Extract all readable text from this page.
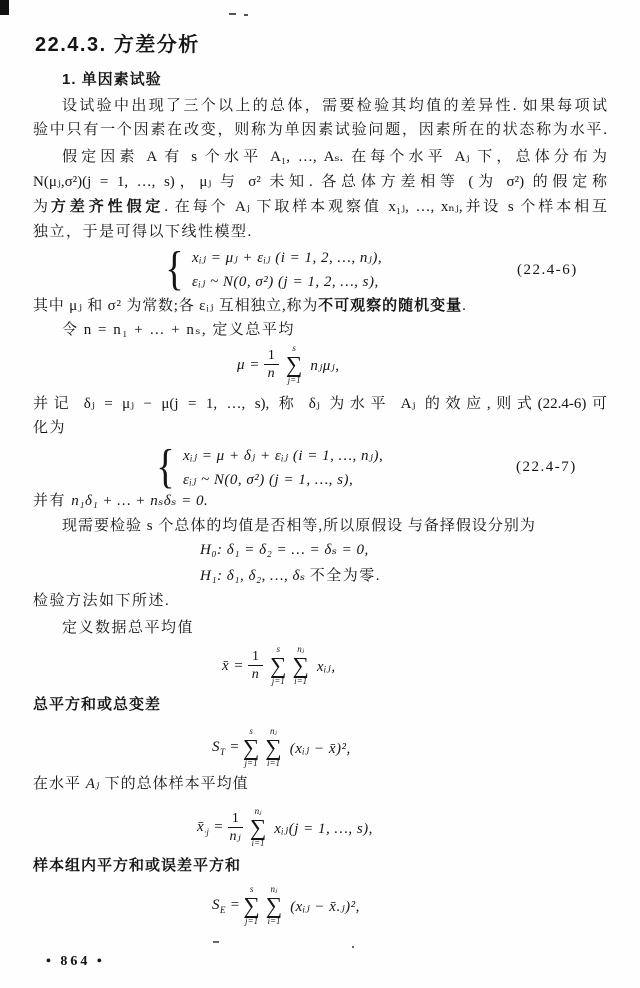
22.4.3. 方差分析
1. 单因素试验
设试验中出现了三个以上的总体，需要检验其均值的差异性. 如果每项试
验中只有一个因素在改变，则称为单因素试验问题，因素所在的状态称为水平.
假定因素 A 有 s 个水平 A₁, …, Aₛ. 在每个水平 Aⱼ 下，总体分布为
N(μⱼ,σ²)(j = 1, …, s)，μⱼ 与 σ² 未知. 各总体方差相等 (为 σ²) 的假定称
为方差齐性假定. 在每个 Aⱼ 下取样本观察值 x₁ⱼ, …, xₙⱼ,并设 s 个样本相互
独立，于是可得以下线性模型.
{ xᵢⱼ = μⱼ + εᵢⱼ (i = 1, 2, …, nⱼ),
εᵢⱼ ~ N(0, σ²) (j = 1, 2, …, s),
(22.4-6)
其中 μⱼ 和 σ² 为常数;各 εᵢⱼ 互相独立,称为不可观察的随机变量.
令 n = n₁ + … + nₛ, 定义总平均
$\mu = \frac{1}{n}$ s
∑
j=1
nⱼμⱼ,
并记 δⱼ = μⱼ − μ(j = 1, …, s), 称 δⱼ 为水平 Aⱼ 的效应,则式(22.4-6)可
化为
{ xᵢⱼ = μ + δⱼ + εᵢⱼ (i = 1, …, nⱼ),
εᵢⱼ ~ N(0, σ²) (j = 1, …, s),
(22.4-7)
并有 n₁δ₁ + … + nₛδₛ = 0.
现需要检验 s 个总体的均值是否相等,所以原假设 与备择假设分别为
H₀: δ₁ = δ₂ = … = δₛ = 0,
H₁: δ₁, δ₂, …, δₛ 不全为零.
检验方法如下所述.
定义数据总平均值
x̄ = $\frac{1}{n}$ s
∑
j=1
nⱼ
∑
i=1
xᵢⱼ,
总平方和或总变差
$S_T$ =
s
∑
j=1
nⱼ
∑
i=1
(xᵢⱼ − x̄)²,
在水平 Aⱼ 下的总体样本平均值
$x̄_{\cdot j} = \frac{1}{\text{nⱼ}}$ nⱼ
∑
i=1
xᵢⱼ(j = 1, …, s),
样本组内平方和或误差平方和
$S_E$ =
s
∑
j=1
nⱼ
∑
i=1
(xᵢⱼ − x̄.ⱼ)²,
• 864 •
